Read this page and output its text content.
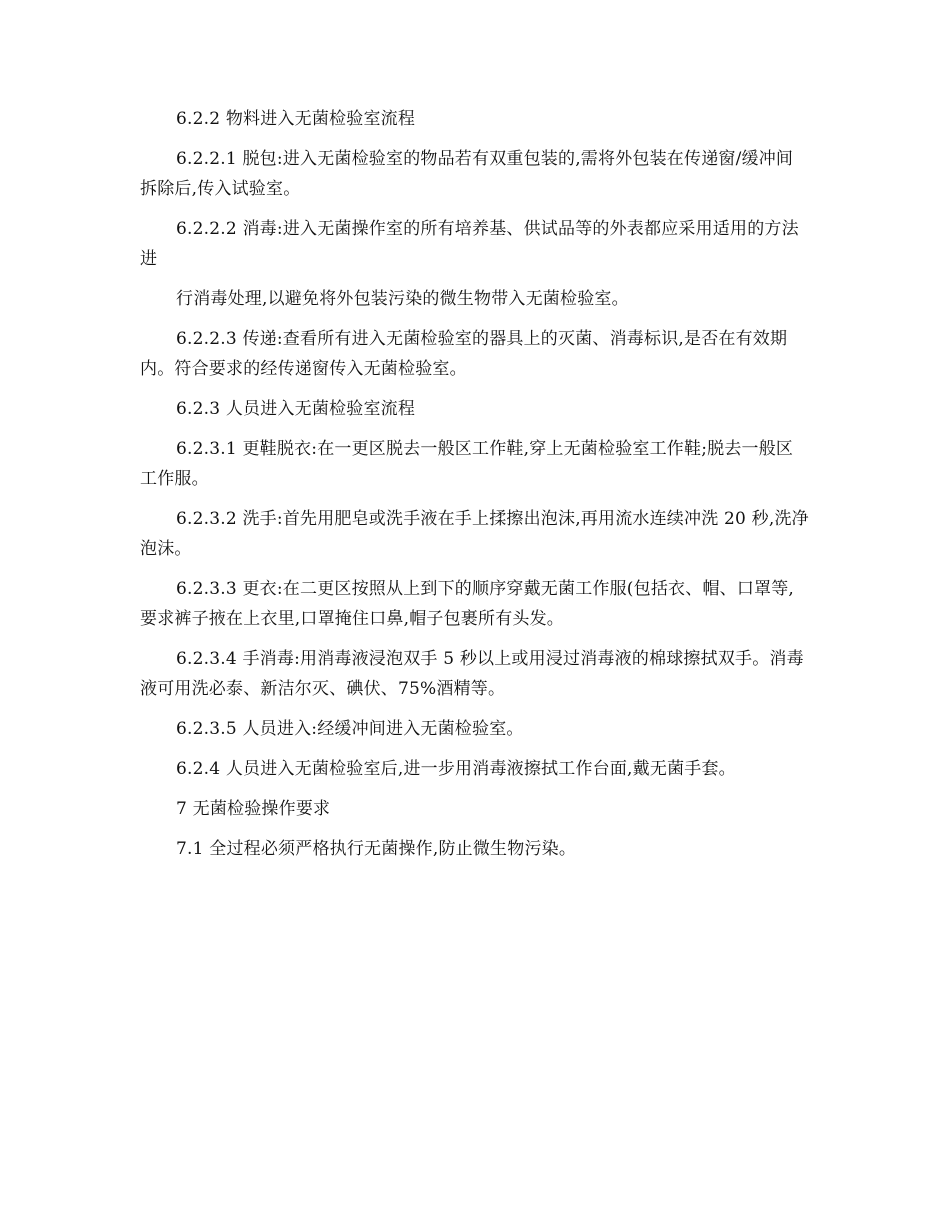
6.2.2 物料进入无菌检验室流程

6.2.2.1 脱包:进入无菌检验室的物品若有双重包装的,需将外包装在传递窗/缓冲间拆除后,传入试验室。

6.2.2.2 消毒:进入无菌操作室的所有培养基、供试品等的外表都应采用适用的方法进

行消毒处理,以避免将外包装污染的微生物带入无菌检验室。

6.2.2.3 传递:查看所有进入无菌检验室的器具上的灭菌、消毒标识,是否在有效期内。符合要求的经传递窗传入无菌检验室。

6.2.3 人员进入无菌检验室流程

6.2.3.1 更鞋脱衣:在一更区脱去一般区工作鞋,穿上无菌检验室工作鞋;脱去一般区工作服。

6.2.3.2 洗手:首先用肥皂或洗手液在手上揉擦出泡沫,再用流水连续冲洗 20 秒,洗净泡沫。

6.2.3.3 更衣:在二更区按照从上到下的顺序穿戴无菌工作服(包括衣、帽、口罩等,要求裤子掖在上衣里,口罩掩住口鼻,帽子包裹所有头发。

6.2.3.4 手消毒:用消毒液浸泡双手 5 秒以上或用浸过消毒液的棉球擦拭双手。消毒液可用洗必泰、新洁尔灭、碘伏、75%酒精等。

6.2.3.5 人员进入:经缓冲间进入无菌检验室。

6.2.4 人员进入无菌检验室后,进一步用消毒液擦拭工作台面,戴无菌手套。

7 无菌检验操作要求

7.1 全过程必须严格执行无菌操作,防止微生物污染。
